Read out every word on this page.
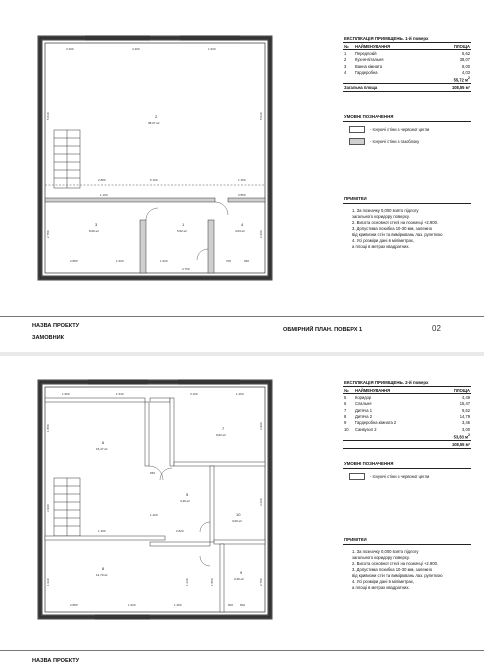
2
38,07 м²
3
8,00 м²
1
5,62 м²
4
4,03 м²
3 400	4 400	1 930
5 030	5 030
2 880	5 190	1 450
1 160	3 850
2 880	1 600	1 600
4 700
700	690
2 780	2 600
ЕКСПЛІКАЦІЯ ПРИМІЩЕНЬ. 1-й поверх
№	НАЙМЕНУВАННЯ	ПЛОЩА
1	Передпокій	5,62
2	Кухня-вітальня	38,07
3	Ванна кімната	8,00
4	Гардеробна	4,03
55,72 м2		
Загальна площа		108,55 м²
УМОВНІ ПОЗНАЧЕННЯ
- Існуючі стіни з червоної цегли
- Існуючі стіни з газоблоку
ПРИМІТКИ
1. За позначку 0,000 взято підлогу
загального коридору поверху.
2. Висота основної стелі на позначці +2.900.
3. Допустима похибка 10-30 мм, залежно
від кривизни стін та вимірювань лаз. рулеткою
4. Усі розміри дані в міліметрах,
а площі в метрах квадратних.
НАЗВА ПРОЕКТУ
ЗАМОВНИК
ОБМІРНИЙ ПЛАН. ПОВЕРХ 1	02
6
15,47 м²
7
9,62 м²
5
4,49 м²
10
3,00 м²
8
14,79 м²	9
3,46 м²
1 990	1 640	3 100	1 460
1 880
3 990
3 990
1 490
1 400
3 360
1 930
2 880	1 600	1 450
2 780
1 240
900
1 850
500
2 820
650
ЕКСПЛІКАЦІЯ ПРИМІЩЕНЬ. 2-й поверх
№	НАЙМЕНУВАННЯ	ПЛОЩА
5	Коридор	4,49
6	Спальня	15,47
7	Дитяча 1	9,62
8	Дитяча 2	14,79
9	Гардеробна кімната 2	3,46
10	Санвузол 2	3,00
53,83 м2		
		108,55 м²
УМОВНІ ПОЗНАЧЕННЯ
- Існуючі стіни з червоної цегли
ПРИМІТКИ
1. За позначку 0,000 взято підлогу
загального коридору поверху.
2. Висота основної стелі на позначці +2.900.
3. Допустима похибка 10-30 мм, залежно
від кривизни стін та вимірювань лаз. рулеткою
4. Усі розміри дані в міліметрах,
а площі в метрах квадратних.
НАЗВА ПРОЕКТУ
